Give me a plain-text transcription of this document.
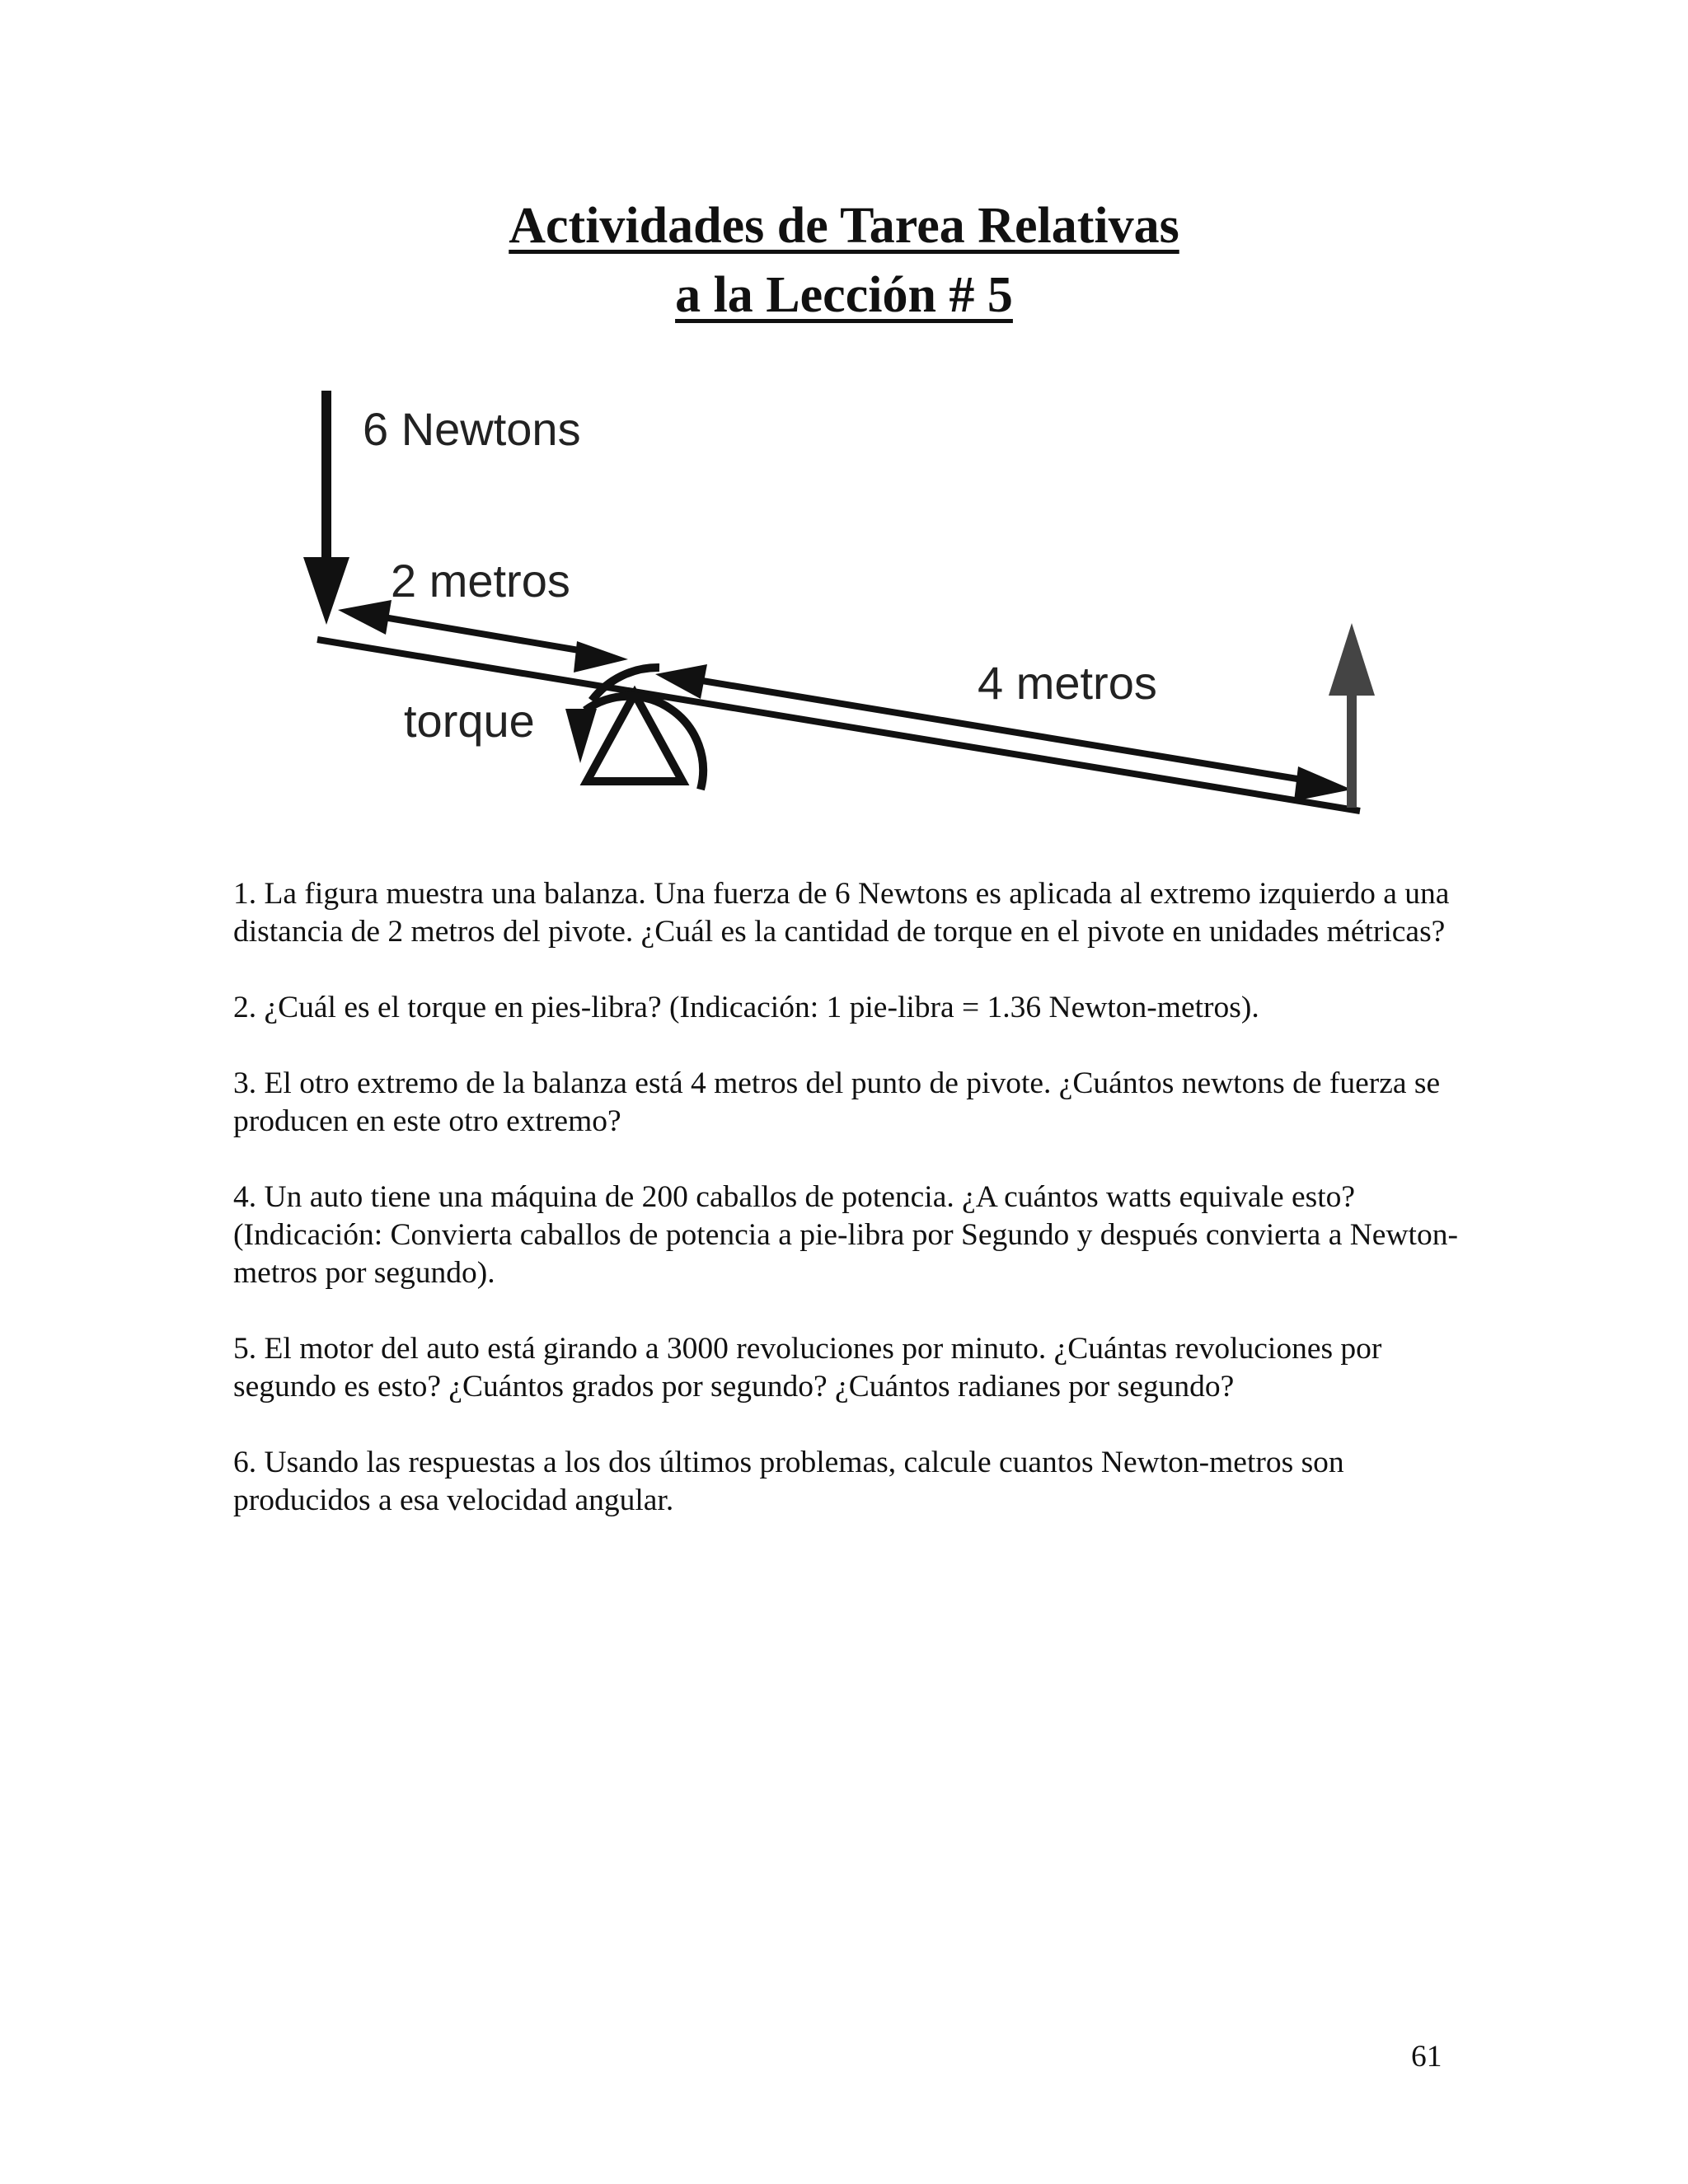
Actividades de Tarea Relativas
a la Lección # 5
6 Newtons
2 metros
4 metros
torque

1. La figura muestra una balanza. Una fuerza de 6 Newtons es aplicada al extremo izquierdo a una distancia de 2 metros del pivote. ¿Cuál es la cantidad de torque en el pivote en unidades métricas?

2. ¿Cuál es el torque en pies-libra? (Indicación: 1 pie-libra = 1.36 Newton-metros).

3. El otro extremo de la balanza está 4 metros del punto de pivote. ¿Cuántos newtons de fuerza se producen en este otro extremo?

4. Un auto tiene una máquina de 200 caballos de potencia. ¿A cuántos watts equivale esto? (Indicación: Convierta caballos de potencia a pie-libra por Segundo y después convierta a Newton-metros por segundo).

5. El motor del auto está girando a 3000 revoluciones por minuto. ¿Cuántas revoluciones por segundo es esto? ¿Cuántos grados por segundo? ¿Cuántos radianes por segundo?

6. Usando las respuestas a los dos últimos problemas, calcule cuantos Newton-metros son producidos a esa velocidad angular.

61
